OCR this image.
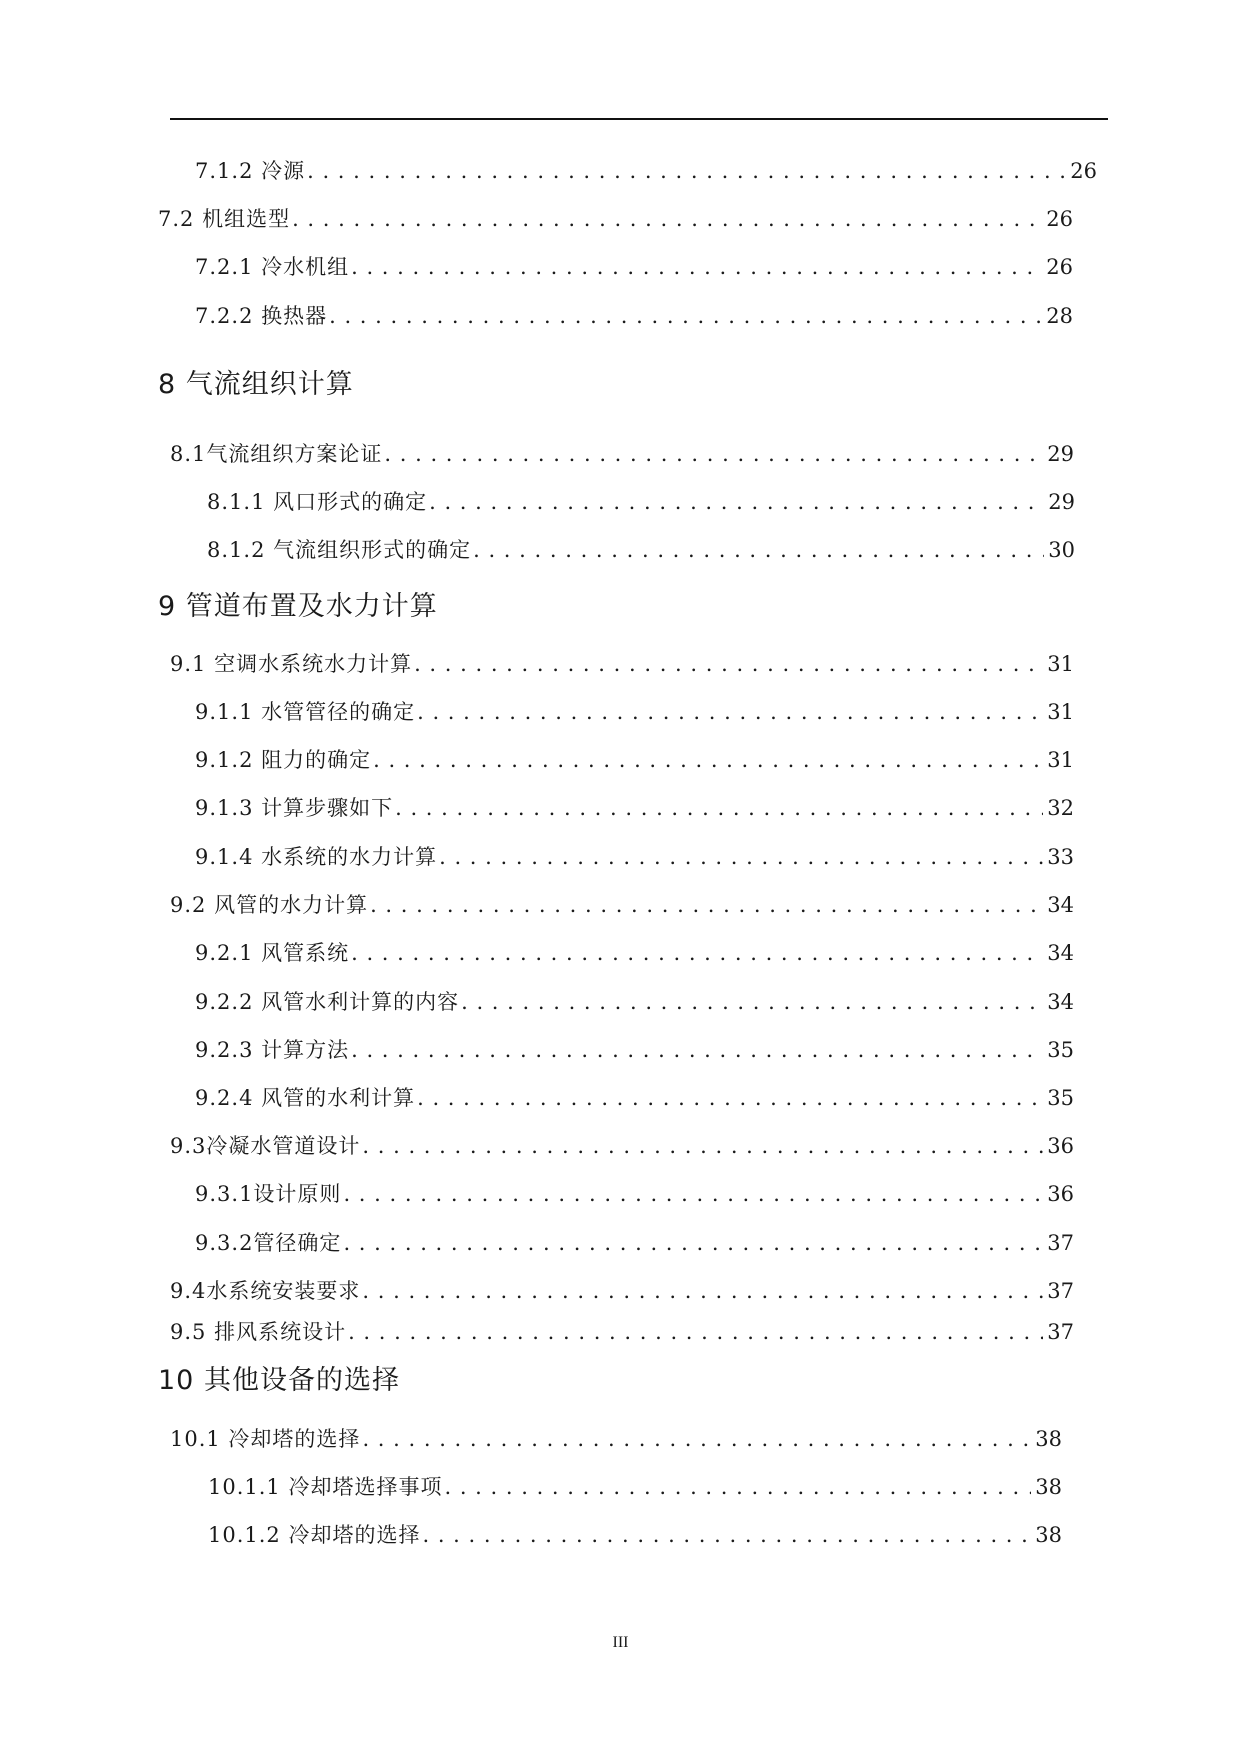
7.1.2 冷源 . . .	26
7.2 机组选型 . . .	26
7.2.1 冷水机组 . . .	26
7.2.2 换热器 . . .	28
8 气流组织计算
8.1气流组织方案论证 . . .	29
8.1.1 风口形式的确定 . . .	29
8.1.2 气流组织形式的确定 . . .	30
9 管道布置及水力计算
9.1 空调水系统水力计算 . . .	31
9.1.1 水管管径的确定 . . .	31
9.1.2 阻力的确定 . . .	31
9.1.3 计算步骤如下 . . .	32
9.1.4 水系统的水力计算 . . .	33
9.2 风管的水力计算 . . .	34
9.2.1 风管系统 . . .	34
9.2.2 风管水利计算的内容 . . .	34
9.2.3 计算方法 . . .	35
9.2.4 风管的水利计算 . . .	35
9.3冷凝水管道设计 . . .	36
9.3.1设计原则 . . .	36
9.3.2管径确定 . . .	37
9.4水系统安装要求 . . .	37
9.5 排风系统设计 . . .	37
10 其他设备的选择
10.1 冷却塔的选择 . . .	38
10.1.1 冷却塔选择事项 . . .	38
10.1.2 冷却塔的选择 . . .	38
III
